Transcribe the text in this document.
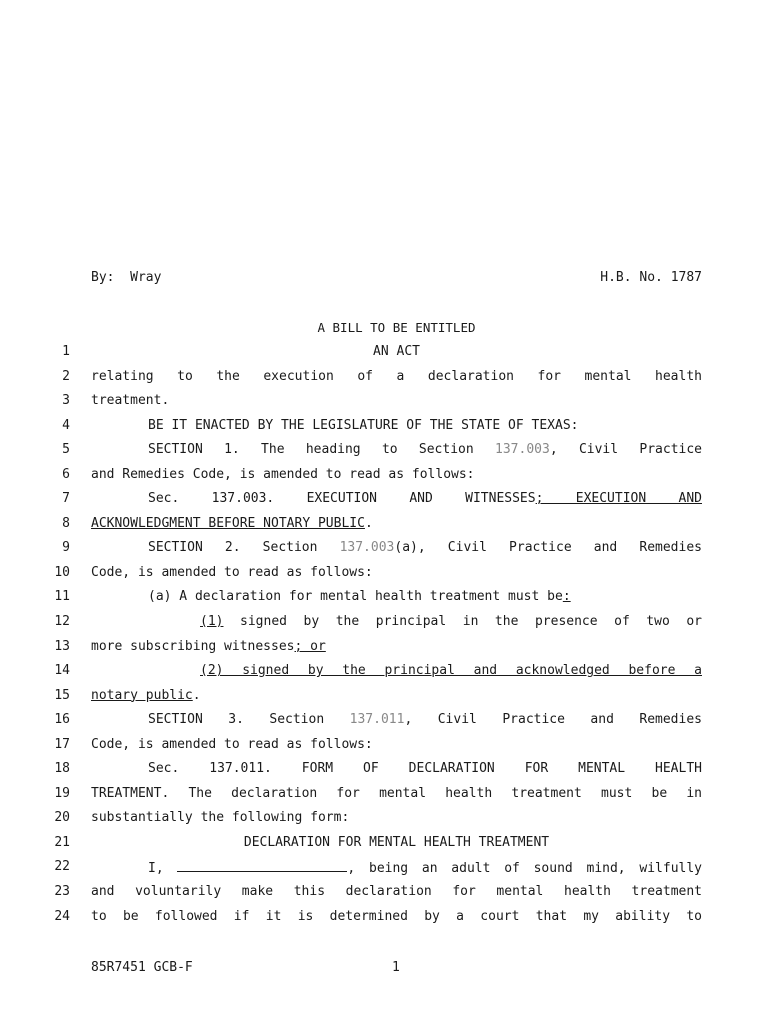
By:  Wray	H.B. No. 1787
A BILL TO BE ENTITLED
1	AN ACT
2 relating to the execution of a declaration for mental health
3 treatment.
4	BE IT ENACTED BY THE LEGISLATURE OF THE STATE OF TEXAS:
5	SECTION 1. The heading to Section 137.003, Civil Practice
6 and Remedies Code, is amended to read as follows:
7	Sec. 137.003. EXECUTION AND WITNESSES; EXECUTION AND
8 ACKNOWLEDGMENT BEFORE NOTARY PUBLIC.
9	SECTION 2. Section 137.003(a), Civil Practice and Remedies
10 Code, is amended to read as follows:
11	(a) A declaration for mental health treatment must be:
12	(1) signed by the principal in the presence of two or
13 more subscribing witnesses; or
14	(2) signed by the principal and acknowledged before a
15 notary public.
16	SECTION 3. Section 137.011, Civil Practice and Remedies
17 Code, is amended to read as follows:
18	Sec. 137.011. FORM OF DECLARATION FOR MENTAL HEALTH
19 TREATMENT. The declaration for mental health treatment must be in
20 substantially the following form:
21	DECLARATION FOR MENTAL HEALTH TREATMENT
22	I,	, being an adult of sound mind, wilfully
23 and voluntarily make this declaration for mental health treatment
24 to be followed if it is determined by a court that my ability to
85R7451 GCB-F	1
